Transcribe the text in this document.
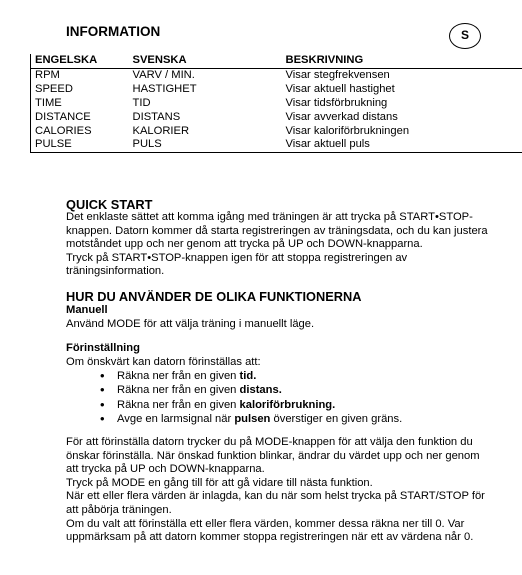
INFORMATION	S
ENGELSKA	SVENSKA	BESKRIVNING
RPM	VARV / MIN.	Visar stegfrekvensen
SPEED	HASTIGHET	Visar aktuell hastighet
TIME	TID	Visar tidsförbrukning
DISTANCE	DISTANS	Visar avverkad distans
CALORIES	KALORIER	Visar kaloriförbrukningen
PULSE	PULS	Visar aktuell puls
QUICK START
Det enklaste sättet att komma igång med träningen är att trycka på START•STOP-
knappen. Datorn kommer då starta registreringen av träningsdata, och du kan justera
motståndet upp och ner genom att trycka på UP och DOWN-knapparna.
Tryck på START•STOP-knappen igen för att stoppa registreringen av
träningsinformation.
HUR DU ANVÄNDER DE OLIKA FUNKTIONERNA
Manuell
Använd MODE för att välja träning i manuellt läge.
Förinställning
Om önskvärt kan datorn förinställas att:
• Räkna ner från en given tid.
• Räkna ner från en given distans.
• Räkna ner från en given kaloriförbrukning.
• Avge en larmsignal när pulsen överstiger en given gräns.
För att förinställa datorn trycker du på MODE-knappen för att välja den funktion du
önskar förinställa. När önskad funktion blinkar, ändrar du värdet upp och ner genom
att trycka på UP och DOWN-knapparna.
Tryck på MODE en gång till för att gå vidare till nästa funktion.
När ett eller flera värden är inlagda, kan du när som helst trycka på START/STOP för
att påbörja träningen.
Om du valt att förinställa ett eller flera värden, kommer dessa räkna ner till 0. Var
uppmärksam på att datorn kommer stoppa registreringen när ett av värdena når 0.
